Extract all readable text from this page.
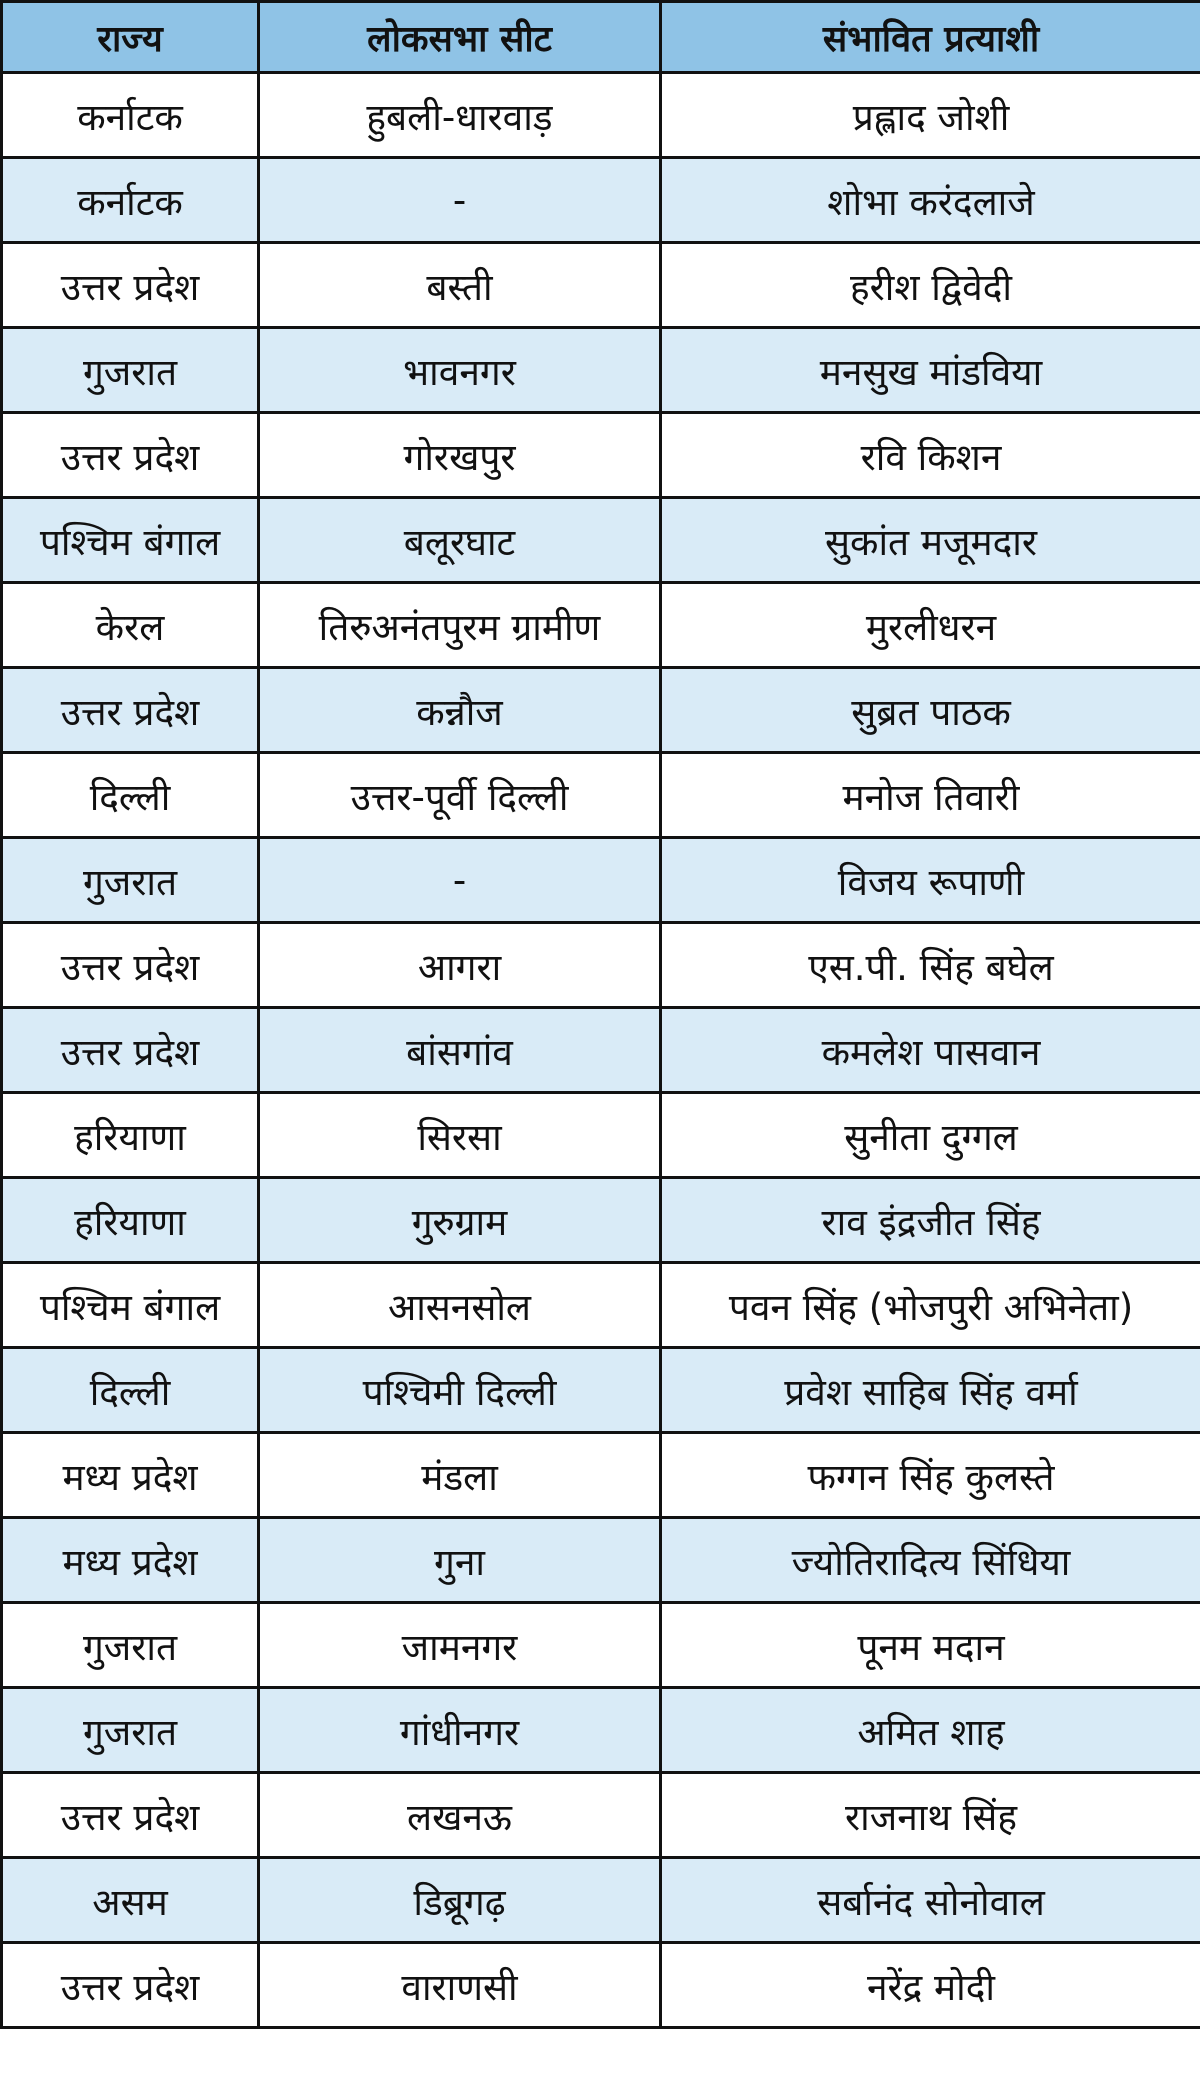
राज्य	लोकसभा सीट	संभावित प्रत्याशी
कर्नाटक	हुबली-धारवाड़	प्रह्लाद जोशी
कर्नाटक	-	शोभा करंदलाजे
उत्तर प्रदेश	बस्ती	हरीश द्विवेदी
गुजरात	भावनगर	मनसुख मांडविया
उत्तर प्रदेश	गोरखपुर	रवि किशन
पश्चिम बंगाल	बलूरघाट	सुकांत मजूमदार
केरल	तिरुअनंतपुरम ग्रामीण	मुरलीधरन
उत्तर प्रदेश	कन्नौज	सुब्रत पाठक
दिल्ली	उत्तर-पूर्वी दिल्ली	मनोज तिवारी
गुजरात	-	विजय रूपाणी
उत्तर प्रदेश	आगरा	एस.पी. सिंह बघेल
उत्तर प्रदेश	बांसगांव	कमलेश पासवान
हरियाणा	सिरसा	सुनीता दुग्गल
हरियाणा	गुरुग्राम	राव इंद्रजीत सिंह
पश्चिम बंगाल	आसनसोल	पवन सिंह (भोजपुरी अभिनेता)
दिल्ली	पश्चिमी दिल्ली	प्रवेश साहिब सिंह वर्मा
मध्य प्रदेश	मंडला	फग्गन सिंह कुलस्ते
मध्य प्रदेश	गुना	ज्योतिरादित्य सिंधिया
गुजरात	जामनगर	पूनम मदान
गुजरात	गांधीनगर	अमित शाह
उत्तर प्रदेश	लखनऊ	राजनाथ सिंह
असम	डिब्रूगढ़	सर्बानंद सोनोवाल
उत्तर प्रदेश	वाराणसी	नरेंद्र मोदी
